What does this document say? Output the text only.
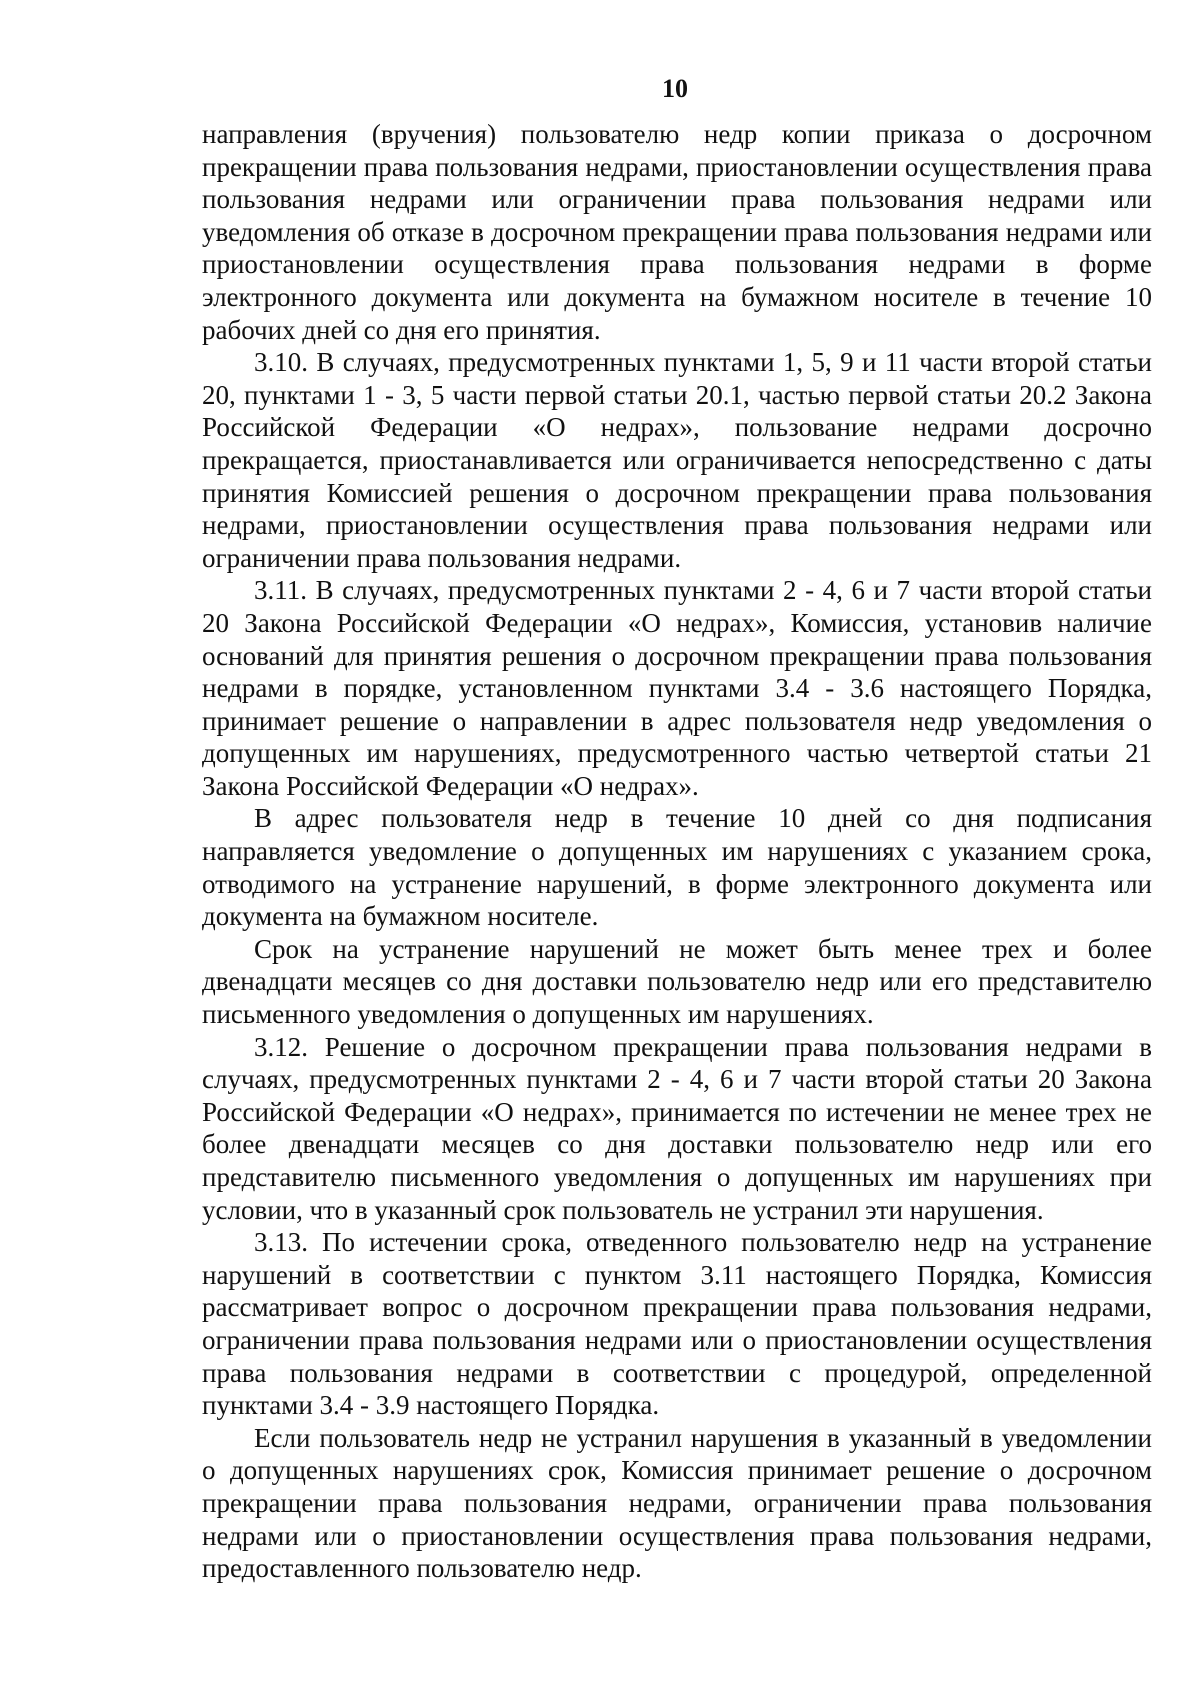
10

направления (вручения) пользователю недр копии приказа о досрочном прекращении права пользования недрами, приостановлении осуществления права пользования недрами или ограничении права пользования недрами или уведомления об отказе в досрочном прекращении права пользования недрами или приостановлении осуществления права пользования недрами в форме электронного документа или документа на бумажном носителе в течение 10 рабочих дней со дня его принятия.

3.10. В случаях, предусмотренных пунктами 1, 5, 9 и 11 части второй статьи 20, пунктами 1 - 3, 5 части первой статьи 20.1, частью первой статьи 20.2 Закона Российской Федерации «О недрах», пользование недрами досрочно прекращается, приостанавливается или ограничивается непосредственно с даты принятия Комиссией решения о досрочном прекращении права пользования недрами, приостановлении осуществления права пользования недрами или ограничении права пользования недрами.

3.11. В случаях, предусмотренных пунктами 2 - 4, 6 и 7 части второй статьи 20 Закона Российской Федерации «О недрах», Комиссия, установив наличие оснований для принятия решения о досрочном прекращении права пользования недрами в порядке, установленном пунктами 3.4 - 3.6 настоящего Порядка, принимает решение о направлении в адрес пользователя недр уведомления о допущенных им нарушениях, предусмотренного частью четвертой статьи 21 Закона Российской Федерации «О недрах».

В адрес пользователя недр в течение 10 дней со дня подписания направляется уведомление о допущенных им нарушениях с указанием срока, отводимого на устранение нарушений, в форме электронного документа или документа на бумажном носителе.

Срок на устранение нарушений не может быть менее трех и более двенадцати месяцев со дня доставки пользователю недр или его представителю письменного уведомления о допущенных им нарушениях.

3.12. Решение о досрочном прекращении права пользования недрами в случаях, предусмотренных пунктами 2 - 4, 6 и 7 части второй статьи 20 Закона Российской Федерации «О недрах», принимается по истечении не менее трех не более двенадцати месяцев со дня доставки пользователю недр или его представителю письменного уведомления о допущенных им нарушениях при условии, что в указанный срок пользователь не устранил эти нарушения.

3.13. По истечении срока, отведенного пользователю недр на устранение нарушений в соответствии с пунктом 3.11 настоящего Порядка, Комиссия рассматривает вопрос о досрочном прекращении права пользования недрами, ограничении права пользования недрами или о приостановлении осуществления права пользования недрами в соответствии с процедурой, определенной пунктами 3.4 - 3.9 настоящего Порядка.

Если пользователь недр не устранил нарушения в указанный в уведомлении о допущенных нарушениях срок, Комиссия принимает решение о досрочном прекращении права пользования недрами, ограничении права пользования недрами или о приостановлении осуществления права пользования недрами, предоставленного пользователю недр.
